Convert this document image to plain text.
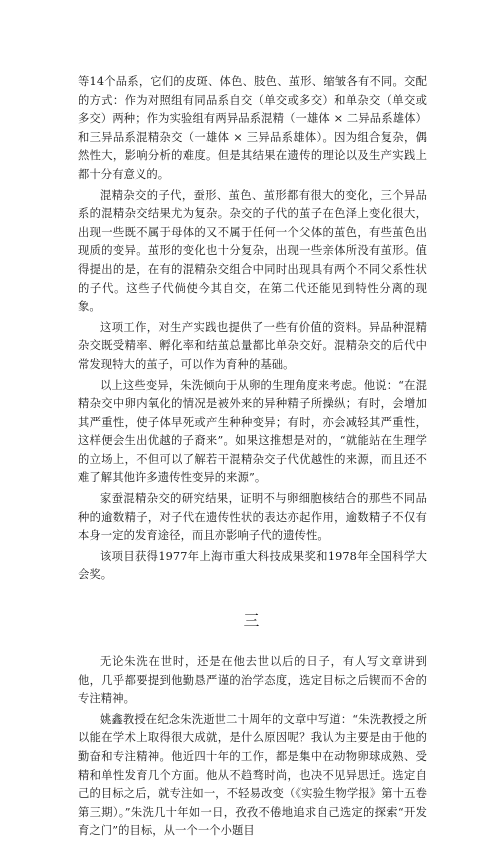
等14个品系，它们的皮斑、体色、肢色、茧形、缩皱各有不同。交配的方式：作为对照组有同品系自交（单交或多交）和单杂交（单交或多交）两种；作为实验组有两异品系混精（一雄体 × 二异品系雄体）和三异品系混精杂交（一雄体 × 三异品系雄体）。因为组合复杂，偶然性大，影响分析的难度。但是其结果在遗传的理论以及生产实践上都十分有意义的。

混精杂交的子代，蚕形、茧色、茧形都有很大的变化，三个异品系的混精杂交结果尤为复杂。杂交的子代的茧子在色泽上变化很大，出现一些既不属于母体的又不属于任何一个父体的茧色，有些茧色出现质的变异。茧形的变化也十分复杂，出现一些亲体所没有茧形。值得提出的是，在有的混精杂交组合中同时出现具有两个不同父系性状的子代。这些子代倘使今其自交，在第二代还能见到特性分离的现象。

这项工作，对生产实践也提供了一些有价值的资料。异品种混精杂交既受精率、孵化率和结茧总量都比单杂交好。混精杂交的后代中常发现特大的茧子，可以作为育种的基础。

以上这些变异，朱洗倾向于从卵的生理角度来考虑。他说：“在混精杂交中卵内氧化的情况是被外来的异种精子所操纵；有时，会增加其严重性，使子体早死或产生种种变异；有时，亦会减轻其严重性，这样便会生出优越的子裔来”。如果这推想是对的，“就能站在生理学的立场上，不但可以了解若干混精杂交子代优越性的来源，而且还不难了解其他许多遗传性变异的来源”。

家蚕混精杂交的研究结果，证明不与卵细胞核结合的那些不同品种的逾数精子，对子代在遗传性状的表达亦起作用，逾数精子不仅有本身一定的发育途径，而且亦影响子代的遗传性。

该项目获得1977年上海市重大科技成果奖和1978年全国科学大会奖。

三

无论朱洗在世时，还是在他去世以后的日子，有人写文章讲到他，几乎都要提到他勤恳严谨的治学态度，选定目标之后锲而不舍的专注精神。

姚鑫教授在纪念朱洗逝世二十周年的文章中写道：“朱洗教授之所以能在学术上取得很大成就，是什么原因呢？我认为主要是由于他的勤奋和专注精神。他近四十年的工作，都是集中在动物卵球成熟、受精和单性发育几个方面。他从不趋骛时尚，也决不见异思迁。选定自己的目标之后，就专注如一，不轻易改变（《实验生物学报》第十五卷第三期）。”朱洗几十年如一日，孜孜不倦地追求自己选定的探索“开发育之门”的目标，从一个一个小题目
